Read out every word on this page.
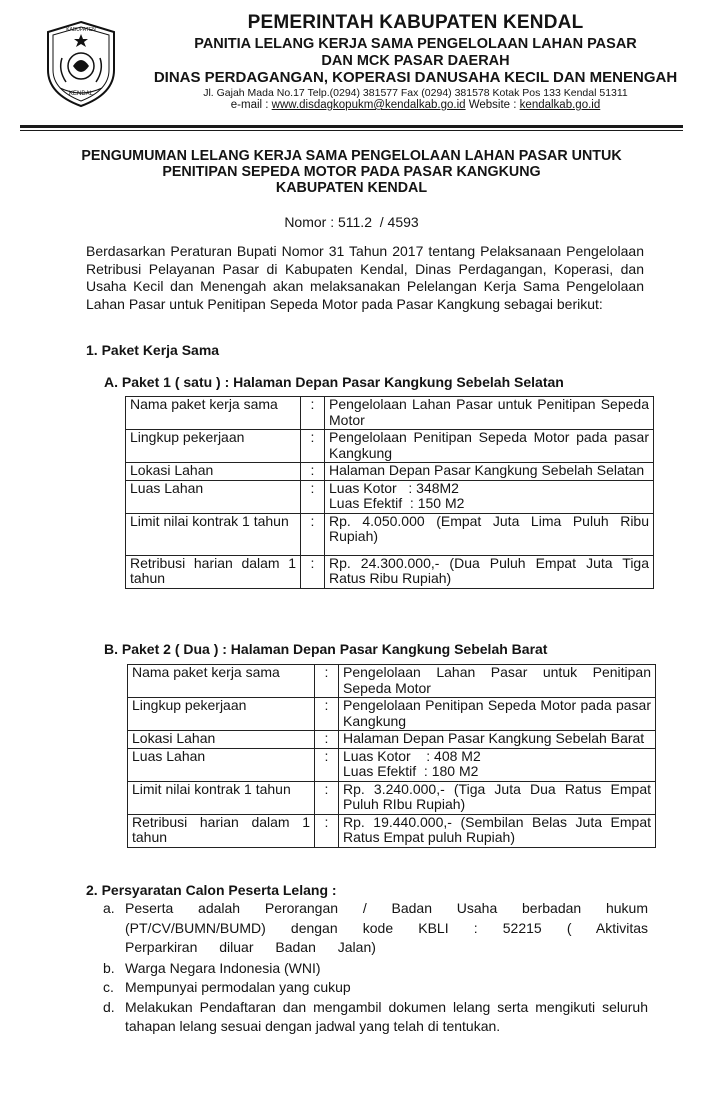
KABUPATEN
KENDAL
PEMERINTAH KABUPATEN KENDAL
PANITIA LELANG KERJA SAMA PENGELOLAAN LAHAN PASAR
DAN MCK PASAR DAERAH
DINAS PERDAGANGAN, KOPERASI DANUSAHA KECIL DAN MENENGAH
Jl. Gajah Mada No.17 Telp.(0294) 381577 Fax (0294) 381578 Kotak Pos 133 Kendal 51311
e-mail : www.disdagkopukm@kendalkab.go.id Website : kendalkab.go.id
PENGUMUMAN LELANG KERJA SAMA PENGELOLAAN LAHAN PASAR UNTUK
PENITIPAN SEPEDA MOTOR PADA PASAR KANGKUNG
KABUPATEN KENDAL
Nomor : 511.2  / 4593
Berdasarkan Peraturan Bupati Nomor 31 Tahun 2017 tentang Pelaksanaan Pengelolaan Retribusi Pelayanan Pasar di Kabupaten Kendal, Dinas Perdagangan, Koperasi, dan Usaha Kecil dan Menengah akan melaksanakan Pelelangan Kerja Sama Pengelolaan Lahan Pasar untuk Penitipan Sepeda Motor pada Pasar Kangkung sebagai berikut:
1. Paket Kerja Sama
A. Paket 1 ( satu ) : Halaman Depan Pasar Kangkung Sebelah Selatan
Nama paket kerja sama	:	Pengelolaan Lahan Pasar untuk Penitipan Sepeda Motor
Lingkup pekerjaan	:	Pengelolaan Penitipan Sepeda Motor pada pasar Kangkung
Lokasi Lahan	:	Halaman Depan Pasar Kangkung Sebelah Selatan
Luas Lahan	:	Luas Kotor   : 348M2
Luas Efektif  : 150 M2

Limit nilai kontrak 1 tahun	:	Rp. 4.050.000 (Empat Juta Lima Puluh Ribu Rupiah)
Retribusi harian dalam 1 tahun	:	Rp. 24.300.000,- (Dua Puluh Empat Juta Tiga Ratus Ribu Rupiah)
B. Paket 2 ( Dua ) : Halaman Depan Pasar Kangkung Sebelah Barat
Nama paket kerja sama	:	Pengelolaan Lahan Pasar untuk Penitipan Sepeda Motor
Lingkup pekerjaan	:	Pengelolaan Penitipan Sepeda Motor pada pasar Kangkung
Lokasi Lahan	:	Halaman Depan Pasar Kangkung Sebelah Barat
Luas Lahan	:	Luas Kotor    : 408 M2
Luas Efektif  : 180 M2

Limit nilai kontrak 1 tahun	:	Rp. 3.240.000,- (Tiga Juta Dua Ratus Empat Puluh RIbu Rupiah)
Retribusi harian dalam 1 tahun	:	Rp. 19.440.000,- (Sembilan Belas Juta Empat Ratus Empat puluh Rupiah)
2. Persyaratan Calon Peserta Lelang :
a. Peserta adalah Perorangan / Badan Usaha berbadan hukum (PT/CV/BUMN/BUMD) dengan kode KBLI : 52215 ( Aktivitas Perparkiran diluar Badan Jalan)
b. Warga Negara Indonesia (WNI)
c. Mempunyai permodalan yang cukup
d. Melakukan Pendaftaran dan mengambil dokumen lelang serta mengikuti seluruh tahapan lelang sesuai dengan jadwal yang telah di tentukan.
